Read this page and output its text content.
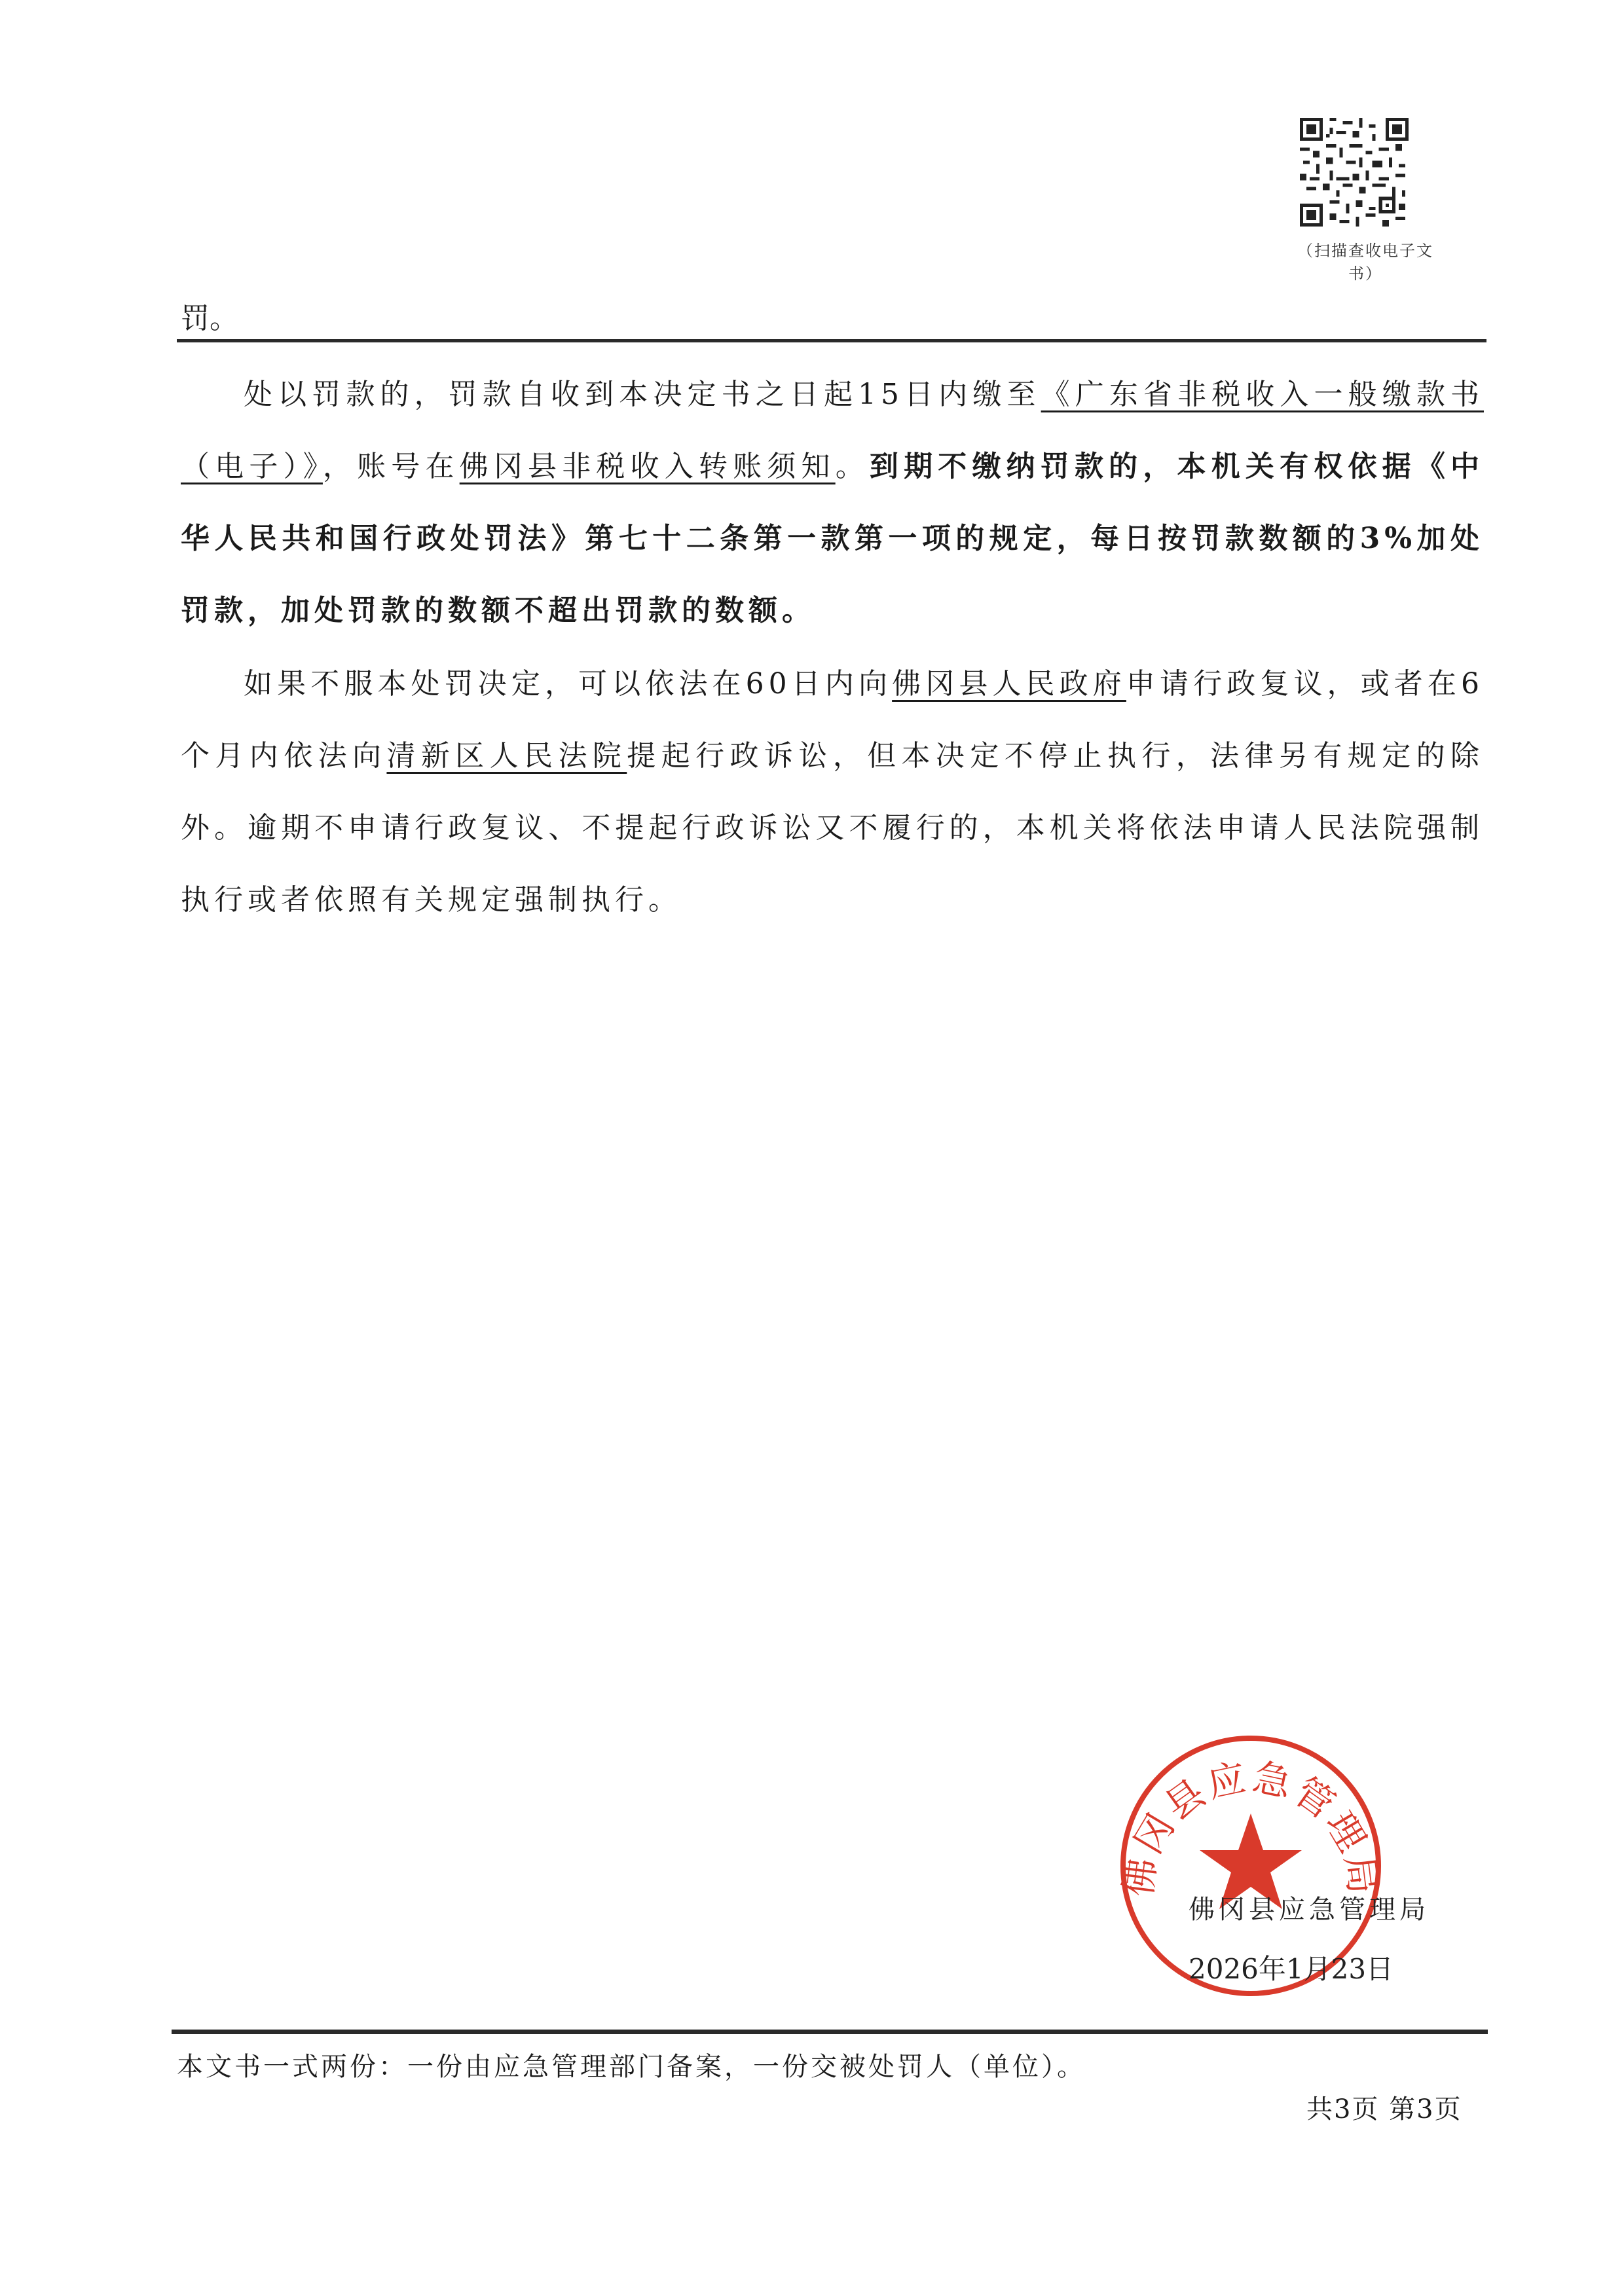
（扫描查收电子文书）
罚。

处以罚款的，罚款自收到本决定书之日起15日内缴至《广东省非税收入一般缴款书（电子）》，账号在佛冈县非税收入转账须知。到期不缴纳罚款的，本机关有权依据《中华人民共和国行政处罚法》第七十二条第一款第一项的规定，每日按罚款数额的3%加处罚款，加处罚款的数额不超出罚款的数额。

如果不服本处罚决定，可以依法在60日内向佛冈县人民政府申请行政复议，或者在6个月内依法向清新区人民法院提起行政诉讼，但本决定不停止执行，法律另有规定的除外。逾期不申请行政复议、不提起行政诉讼又不履行的，本机关将依法申请人民法院强制执行或者依照有关规定强制执行。

佛冈县应急管理局
佛冈县应急管理局
2026年1月23日
本文书一式两份：一份由应急管理部门备案，一份交被处罚人（单位）。
共3页 第3页
